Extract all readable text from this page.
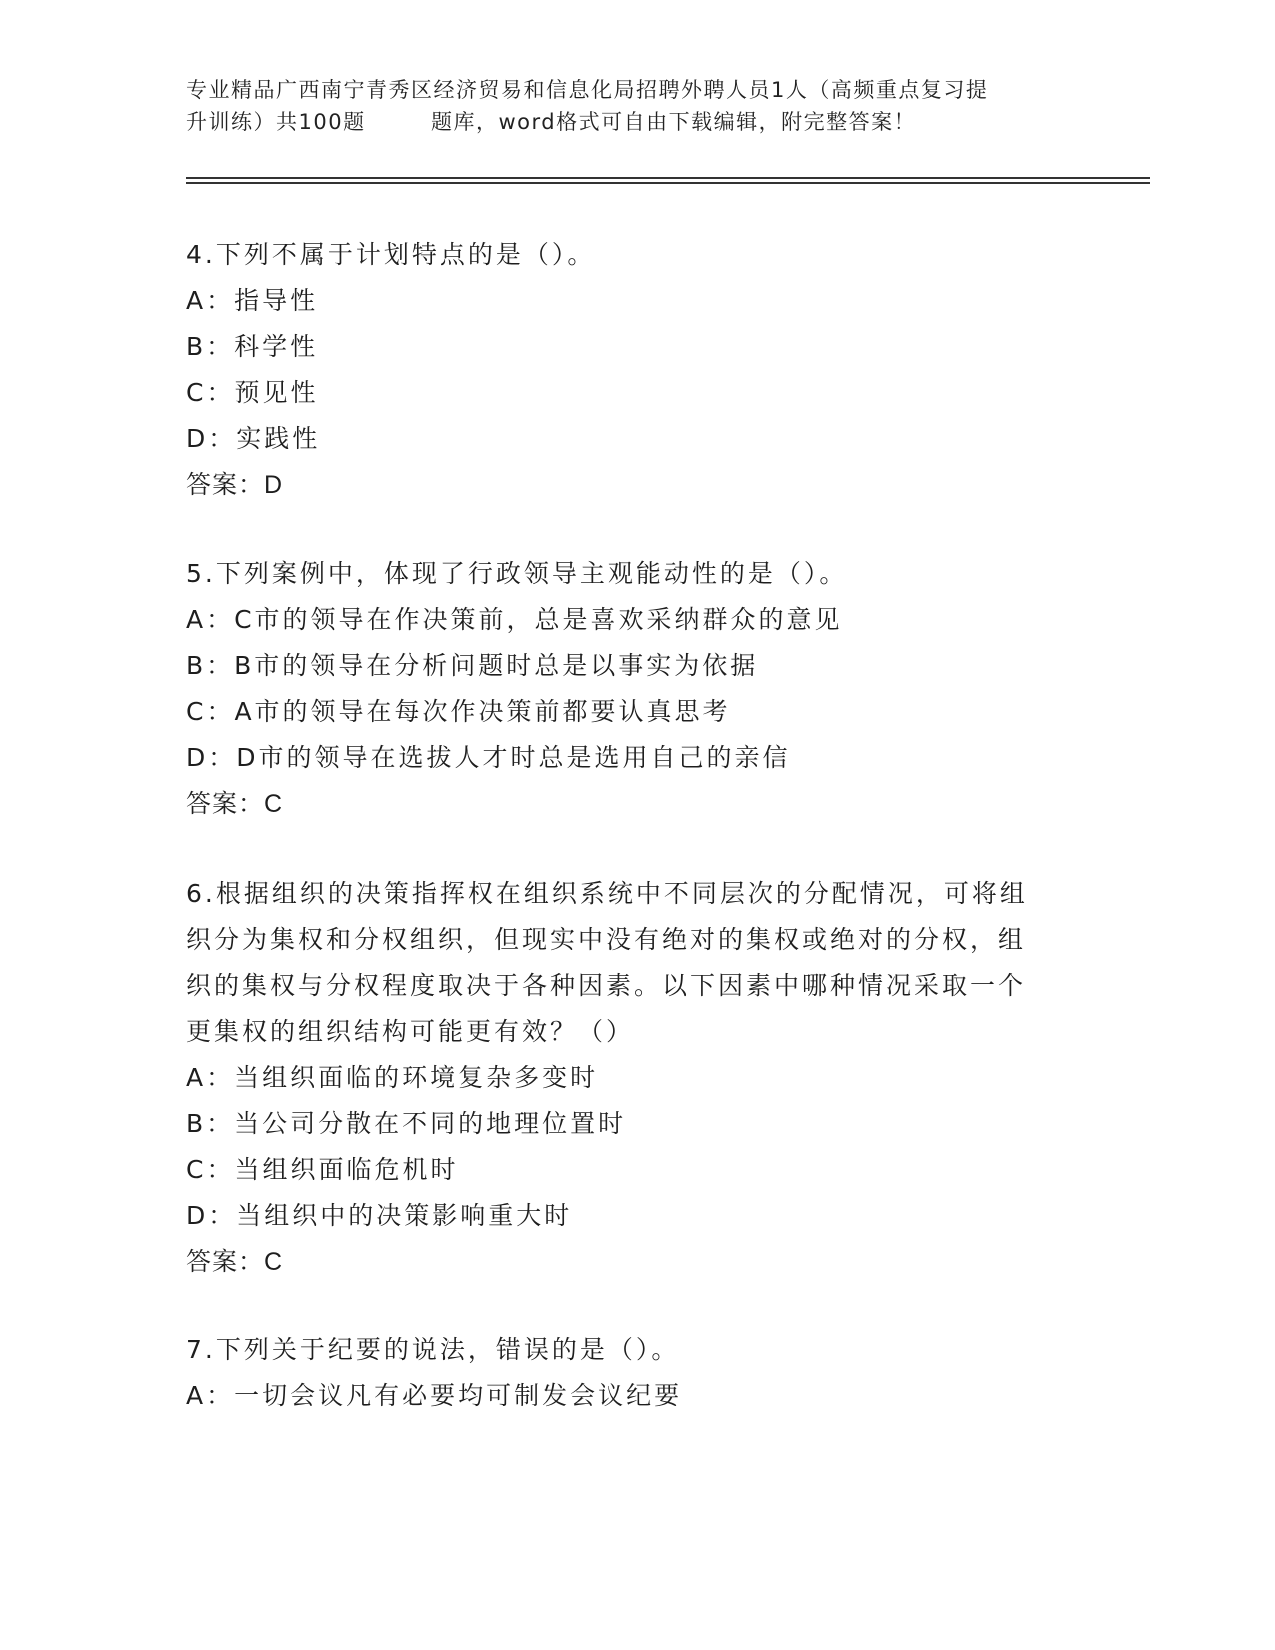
专业精品广西南宁青秀区经济贸易和信息化局招聘外聘人员1人（高频重点复习提
升训练）共100题        题库，word格式可自由下载编辑，附完整答案！
4.下列不属于计划特点的是（）。
A：指导性
B：科学性
C：预见性
D：实践性
答案：D
5.下列案例中，体现了行政领导主观能动性的是（）。
A：C市的领导在作决策前，总是喜欢采纳群众的意见
B：B市的领导在分析问题时总是以事实为依据
C：A市的领导在每次作决策前都要认真思考
D：D市的领导在选拔人才时总是选用自己的亲信
答案：C
6.根据组织的决策指挥权在组织系统中不同层次的分配情况，可将组
织分为集权和分权组织，但现实中没有绝对的集权或绝对的分权，组
织的集权与分权程度取决于各种因素。以下因素中哪种情况采取一个
更集权的组织结构可能更有效？（）
A：当组织面临的环境复杂多变时
B：当公司分散在不同的地理位置时
C：当组织面临危机时
D：当组织中的决策影响重大时
答案：C
7.下列关于纪要的说法，错误的是（）。
A：一切会议凡有必要均可制发会议纪要
